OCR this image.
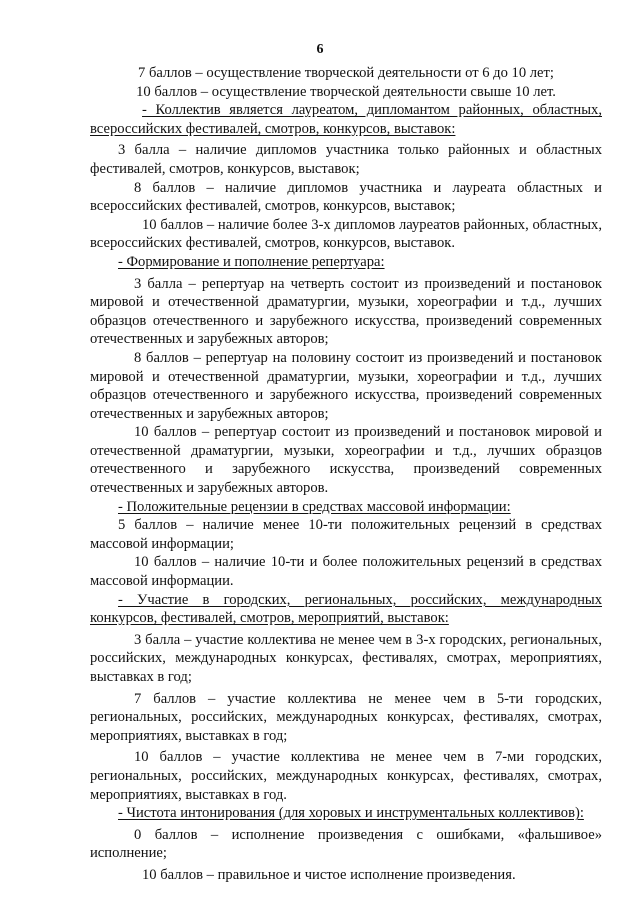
6

7 баллов – осуществление творческой деятельности от 6 до 10 лет;

10 баллов – осуществление творческой деятельности свыше 10 лет.

- Коллектив является лауреатом, дипломантом районных, областных, всероссийских фестивалей, смотров, конкурсов, выставок:

3 балла – наличие дипломов участника только районных и областных фестивалей, смотров, конкурсов, выставок;

8 баллов – наличие дипломов участника и лауреата областных и всероссийских фестивалей, смотров, конкурсов, выставок;

10 баллов – наличие более 3-х дипломов лауреатов районных, областных, всероссийских фестивалей, смотров, конкурсов, выставок.

- Формирование и пополнение репертуара:

3 балла – репертуар на четверть состоит из произведений и постановок мировой и отечественной драматургии, музыки, хореографии и т.д., лучших образцов отечественного и зарубежного искусства, произведений современных отечественных и зарубежных авторов;

8 баллов – репертуар на половину состоит из произведений и постановок мировой и отечественной драматургии, музыки, хореографии и т.д., лучших образцов отечественного и зарубежного искусства, произведений современных отечественных и зарубежных авторов;

10 баллов – репертуар состоит из произведений и постановок мировой и отечественной драматургии, музыки, хореографии и т.д., лучших образцов отечественного и зарубежного искусства, произведений современных отечественных и зарубежных авторов.

- Положительные рецензии в средствах массовой информации:

5 баллов – наличие менее 10-ти положительных рецензий в средствах массовой информации;

10 баллов – наличие 10-ти и более положительных рецензий в средствах массовой информации.

- Участие в городских, региональных, российских, международных конкурсов, фестивалей, смотров, мероприятий, выставок:

3 балла – участие коллектива не менее чем в 3-х городских, региональных, российских, международных конкурсах, фестивалях, смотрах, мероприятиях, выставках в год;

7 баллов – участие коллектива не менее чем в 5-ти городских, региональных, российских, международных конкурсах, фестивалях, смотрах, мероприятиях, выставках в год;

10 баллов – участие коллектива не менее чем в 7-ми городских, региональных, российских, международных конкурсах, фестивалях, смотрах, мероприятиях, выставках в год.

- Чистота интонирования (для хоровых и инструментальных коллективов):

0 баллов – исполнение произведения с ошибками, «фальшивое» исполнение;

10 баллов – правильное и чистое исполнение произведения.
